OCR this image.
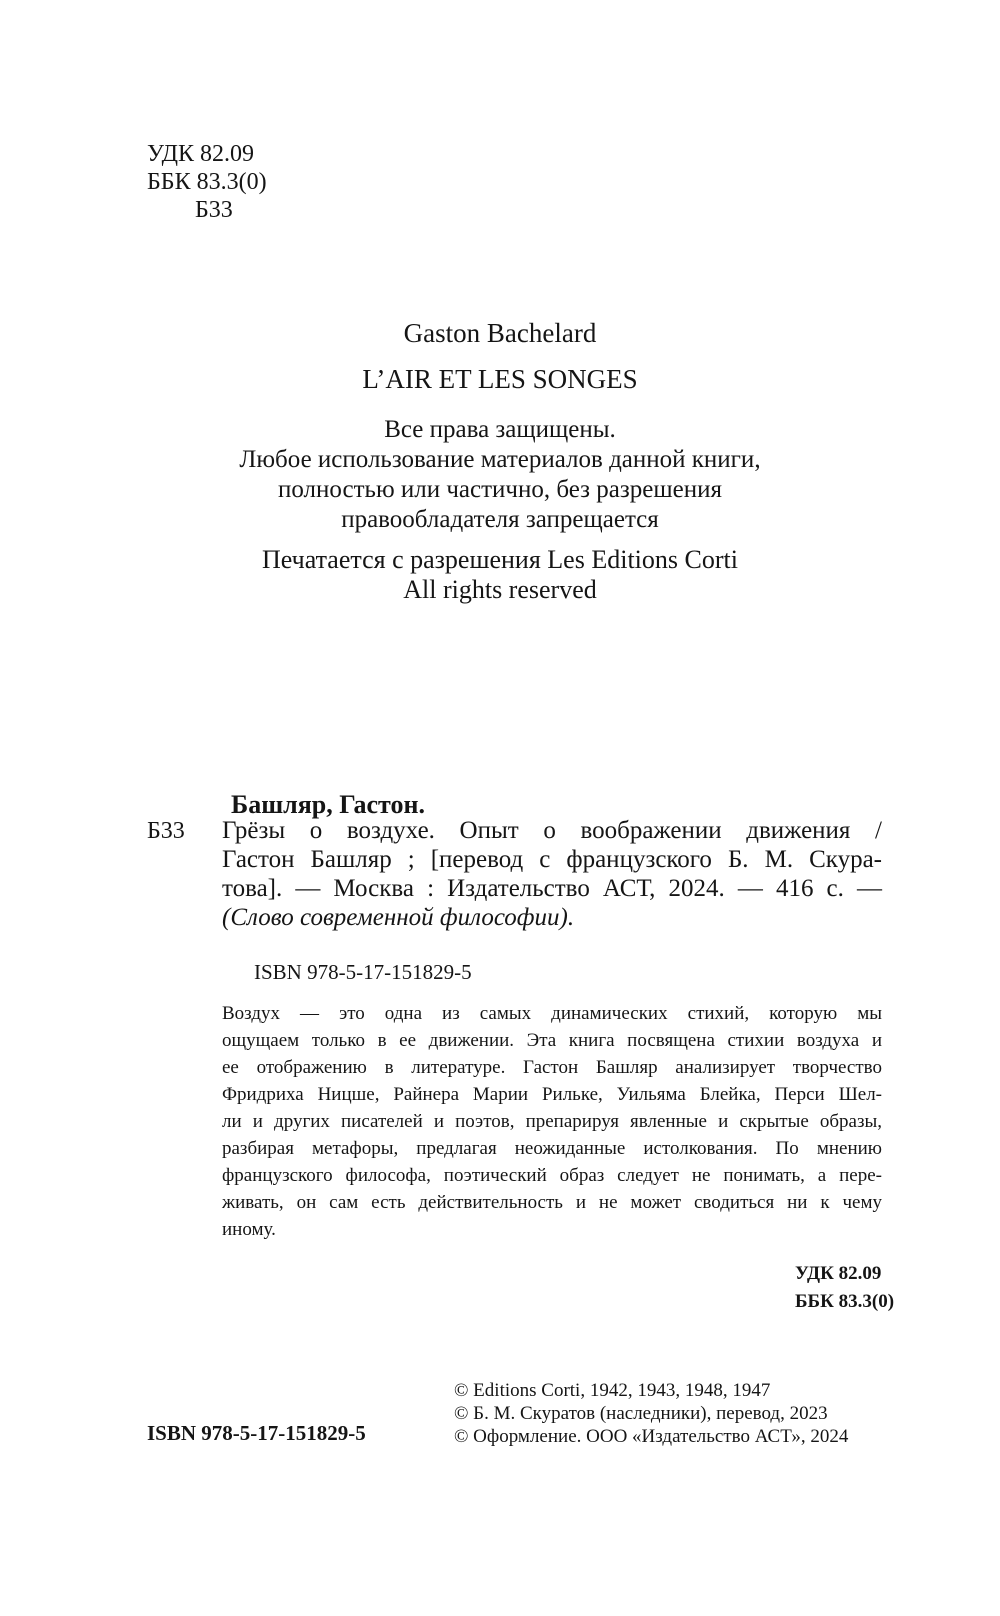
УДК 82.09
ББК 83.3(0)
Б33
Gaston Bachelard
L’AIR ET LES SONGES
Все права защищены.
Любое использование материалов данной книги,
полностью или частично, без разрешения
правообладателя запрещается
Печатается с разрешения Les Editions Corti
All rights reserved
Башляр, Гастон.
Б33 Грёзы о воздухе. Опыт о воображении движения /
Гастон Башляр ; [перевод с французского Б. М. Скура-
това]. — Москва : Издательство АСТ, 2024. — 416 с. —
(Слово современной философии).
ISBN 978-5-17-151829-5
Воздух — это одна из самых динамических стихий, которую мы
ощущаем только в ее движении. Эта книга посвящена стихии воздуха и
ее отображению в литературе. Гастон Башляр анализирует творчество
Фридриха Ницше, Райнера Марии Рильке, Уильяма Блейка, Перси Шел-
ли и других писателей и поэтов, препарируя явленные и скрытые образы,
разбирая метафоры, предлагая неожиданные истолкования. По мнению
французского философа, поэтический образ следует не понимать, а пере-
живать, он сам есть действительность и не может сводиться ни к чему
иному.
УДК 82.09
ББК 83.3(0)
© Editions Corti, 1942, 1943, 1948, 1947
© Б. М. Скуратов (наследники), перевод, 2023
© Оформление. ООО «Издательство АСТ», 2024
ISBN 978-5-17-151829-5
